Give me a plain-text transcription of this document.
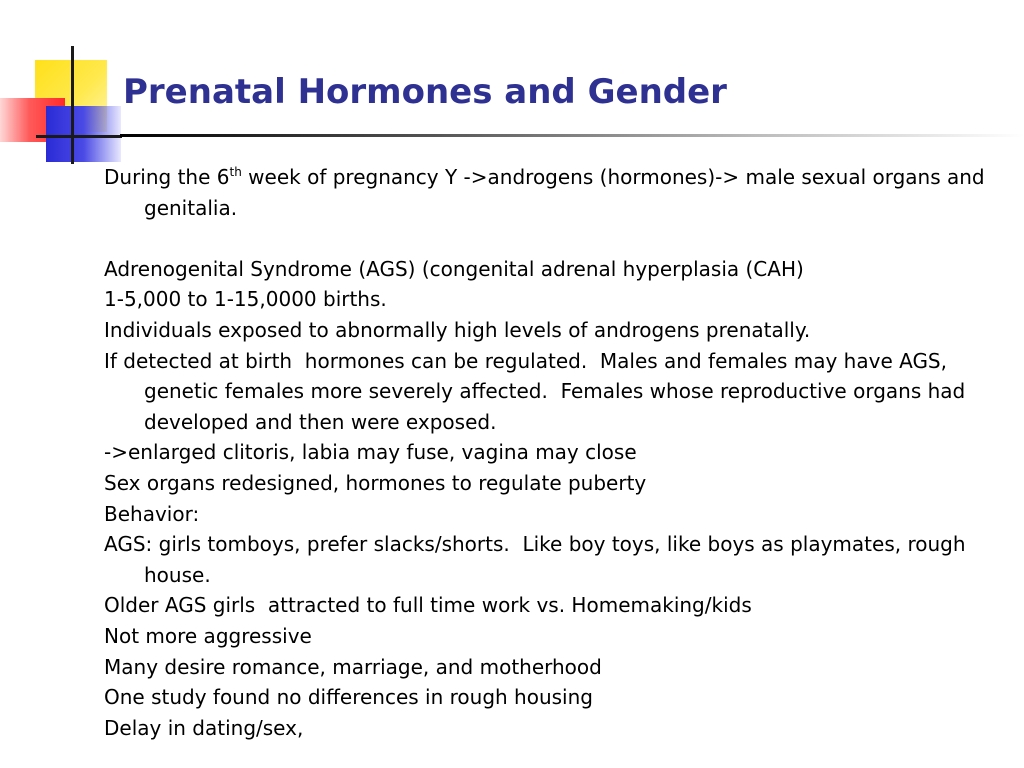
Prenatal Hormones and Gender

During the 6th week of pregnancy Y ->androgens (hormones)-> male sexual organs and genitalia.

Adrenogenital Syndrome (AGS) (congenital adrenal hyperplasia (CAH)

1-5,000 to 1-15,0000 births.

Individuals exposed to abnormally high levels of androgens prenatally.

If detected at birth  hormones can be regulated.  Males and females may have AGS, genetic females more severely affected.  Females whose reproductive organs had developed and then were exposed.

->enlarged clitoris, labia may fuse, vagina may close

Sex organs redesigned, hormones to regulate puberty

Behavior:

AGS: girls tomboys, prefer slacks/shorts.  Like boy toys, like boys as playmates, rough house.

Older AGS girls  attracted to full time work vs. Homemaking/kids

Not more aggressive

Many desire romance, marriage, and motherhood

One study found no differences in rough housing

Delay in dating/sex,
